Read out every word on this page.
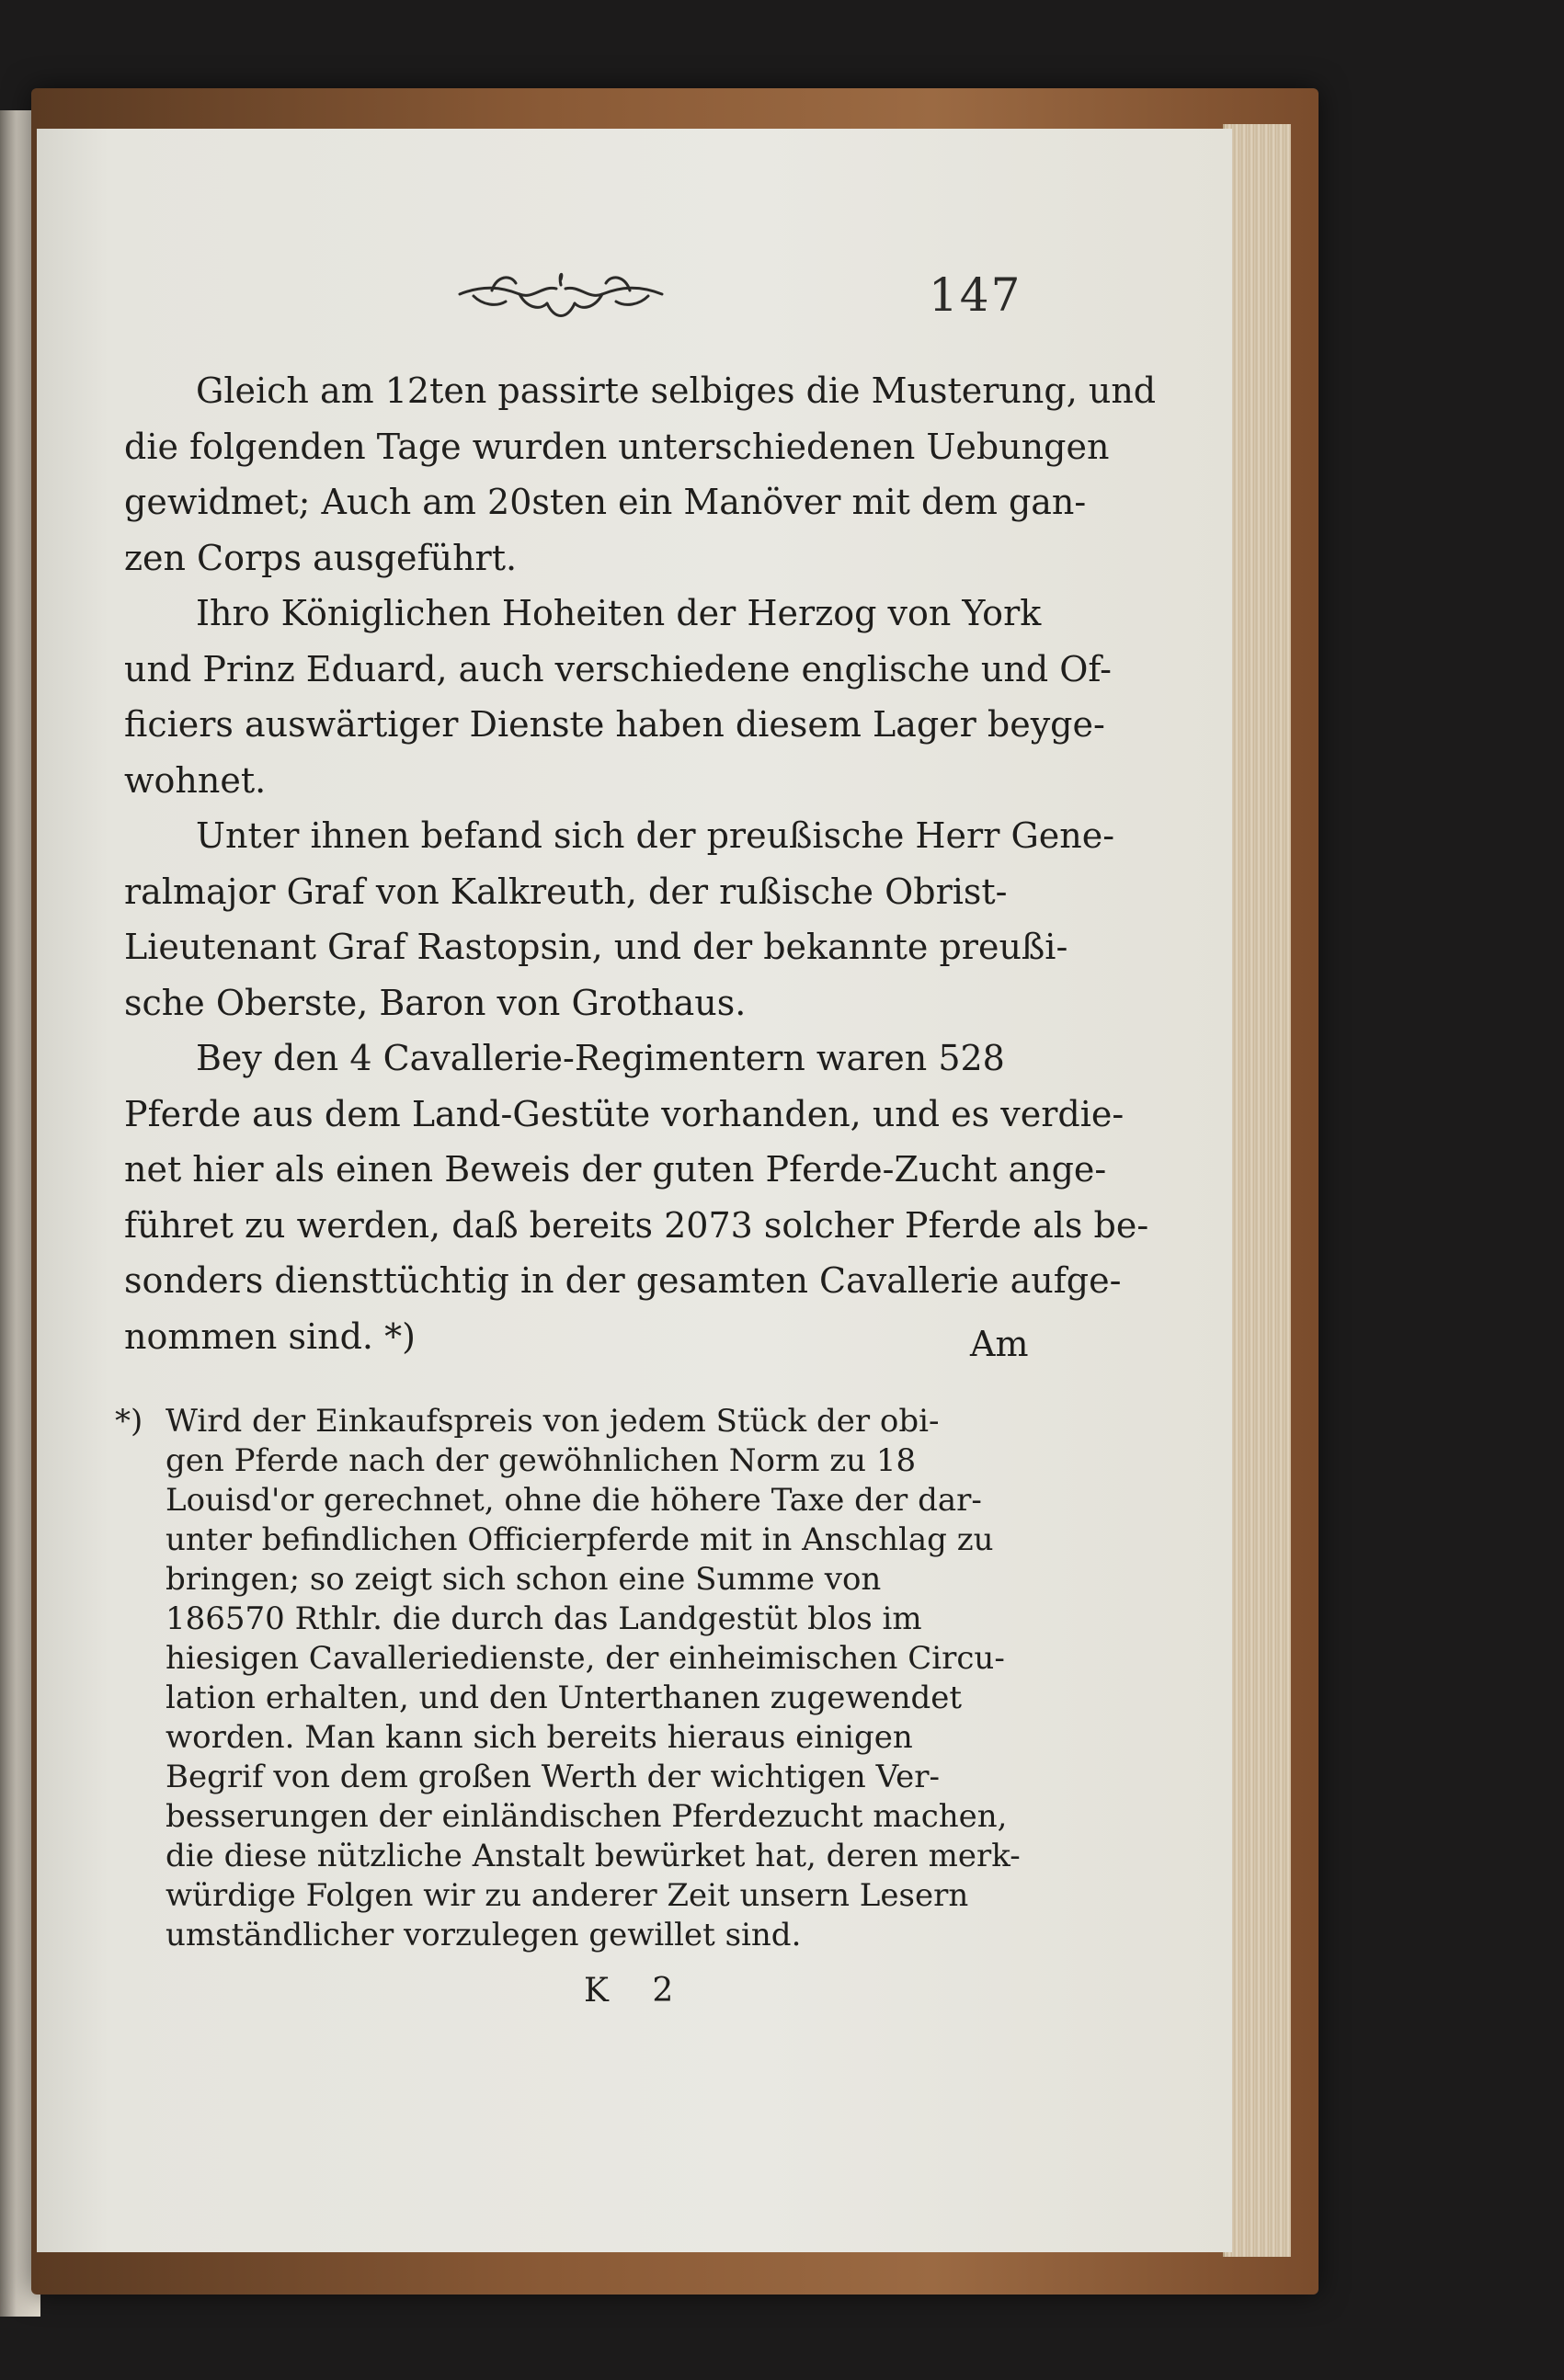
147

Gleich am 12ten passirte selbiges die Musterung, und
die folgenden Tage wurden unterschiedenen Uebungen
gewidmet; Auch am 20sten ein Manöver mit dem gan-
zen Corps ausgeführt.

Ihro Königlichen Hoheiten der Herzog von York
und Prinz Eduard, auch verschiedene englische und Of-
ficiers auswärtiger Dienste haben diesem Lager beyge-
wohnet.

Unter ihnen befand sich der preußische Herr Gene-
ralmajor Graf von Kalkreuth, der rußische Obrist-
Lieutenant Graf Rastopsin, und der bekannte preußi-
sche Oberste, Baron von Grothaus.

Bey den 4 Cavallerie-Regimentern waren 528
Pferde aus dem Land-Gestüte vorhanden, und es verdie-
net hier als einen Beweis der guten Pferde-Zucht ange-
führet zu werden, daß bereits 2073 solcher Pferde als be-
sonders diensttüchtig in der gesamten Cavallerie aufge-
nommen sind. *)	Am
*) Wird der Einkaufspreis von jedem Stück der obi-
gen Pferde nach der gewöhnlichen Norm zu 18
Louisd'or gerechnet, ohne die höhere Taxe der dar-
unter befindlichen Officierpferde mit in Anschlag zu
bringen; so zeigt sich schon eine Summe von
186570 Rthlr. die durch das Landgestüt blos im
hiesigen Cavalleriedienste, der einheimischen Circu-
lation erhalten, und den Unterthanen zugewendet
worden. Man kann sich bereits hieraus einigen
Begrif von dem großen Werth der wichtigen Ver-
besserungen der einländischen Pferdezucht machen,
die diese nützliche Anstalt bewürket hat, deren merk-
würdige Folgen wir zu anderer Zeit unsern Lesern
umständlicher vorzulegen gewillet sind.
K 2
